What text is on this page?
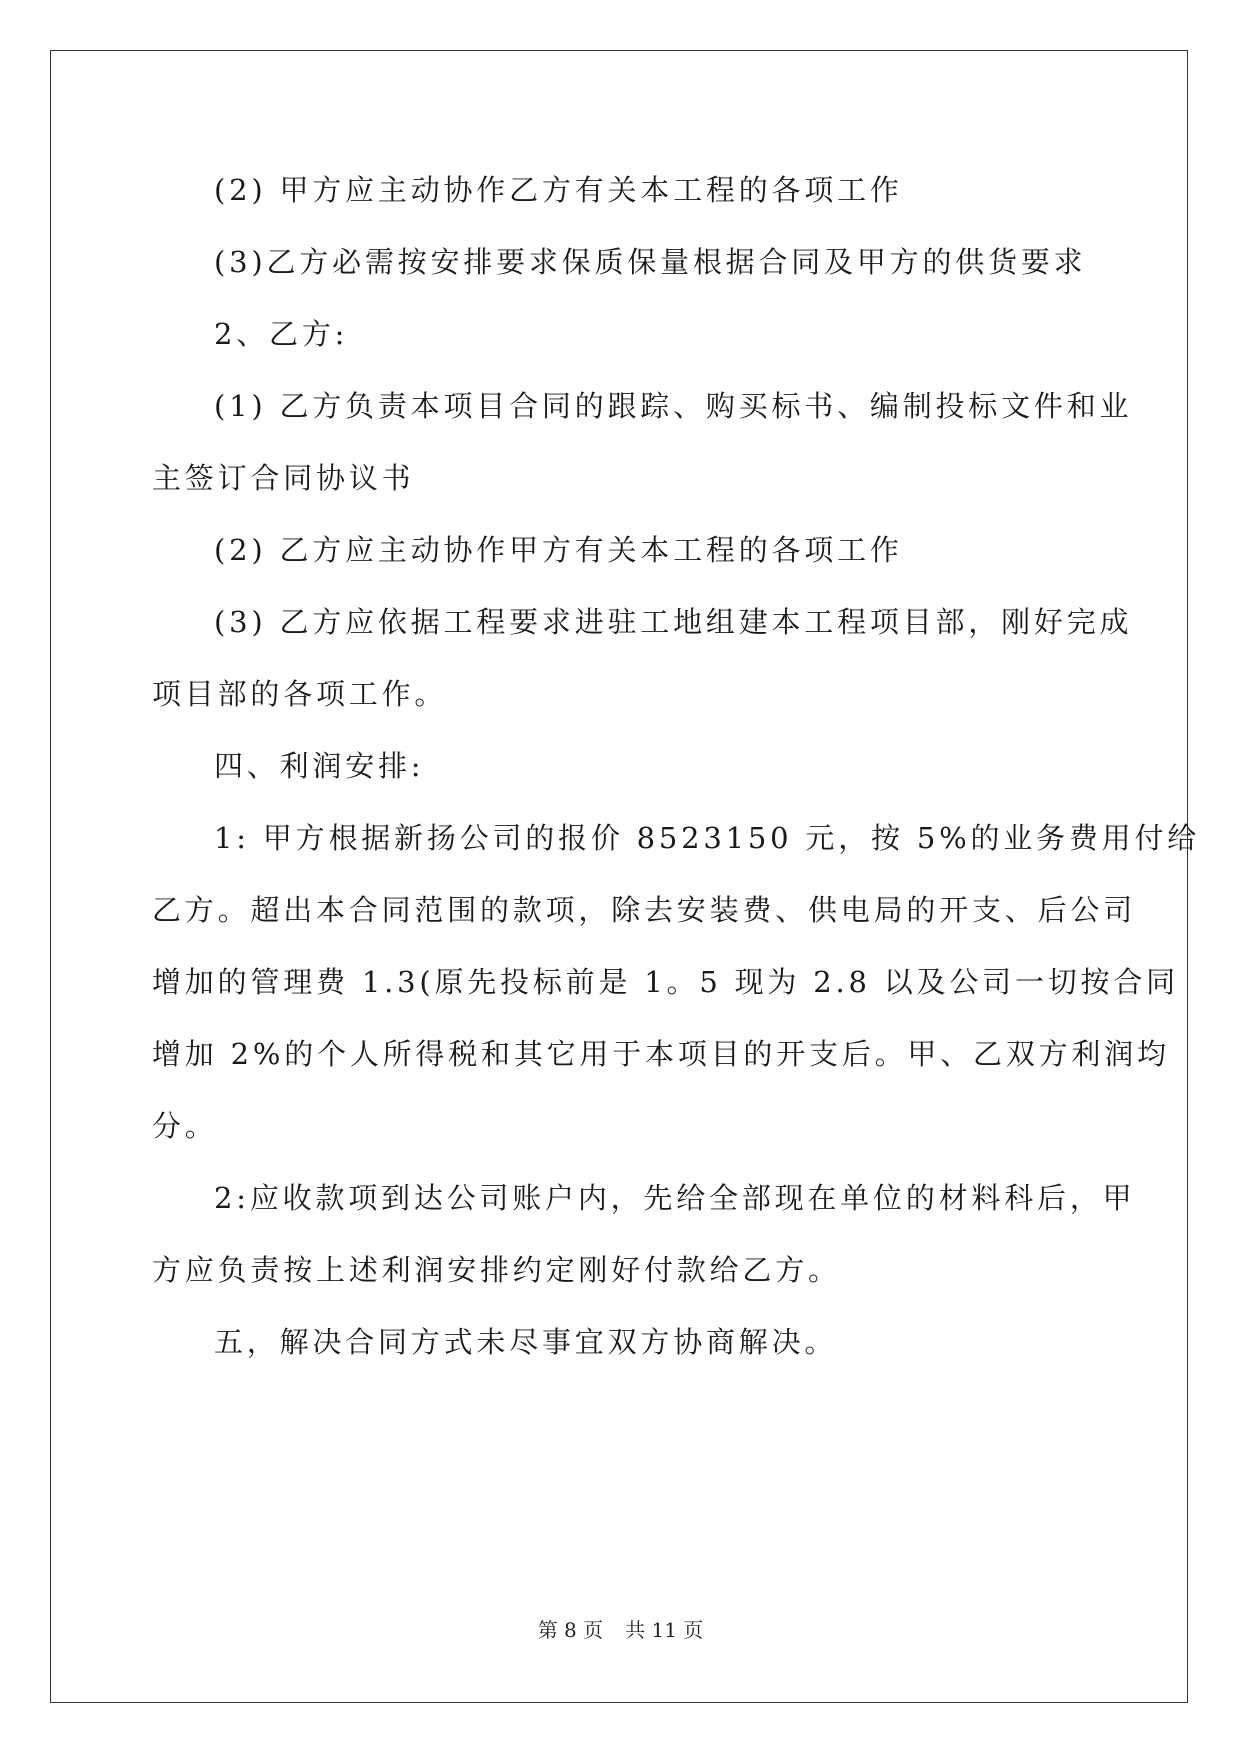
(2) 甲方应主动协作乙方有关本工程的各项工作
(3)乙方必需按安排要求保质保量根据合同及甲方的供货要求
2、乙方:
(1) 乙方负责本项目合同的跟踪、购买标书、编制投标文件和业
主签订合同协议书
(2) 乙方应主动协作甲方有关本工程的各项工作
(3) 乙方应依据工程要求进驻工地组建本工程项目部，刚好完成
项目部的各项工作。
四、利润安排:
1: 甲方根据新扬公司的报价 8523150 元，按 5%的业务费用付给
乙方。超出本合同范围的款项，除去安装费、供电局的开支、后公司
增加的管理费 1.3(原先投标前是 1。5 现为 2.8 以及公司一切按合同
增加 2%的个人所得税和其它用于本项目的开支后。甲、乙双方利润均
分。
2:应收款项到达公司账户内，先给全部现在单位的材料科后，甲
方应负责按上述利润安排约定刚好付款给乙方。
五，解决合同方式未尽事宜双方协商解决。
第 8 页 共 11 页
